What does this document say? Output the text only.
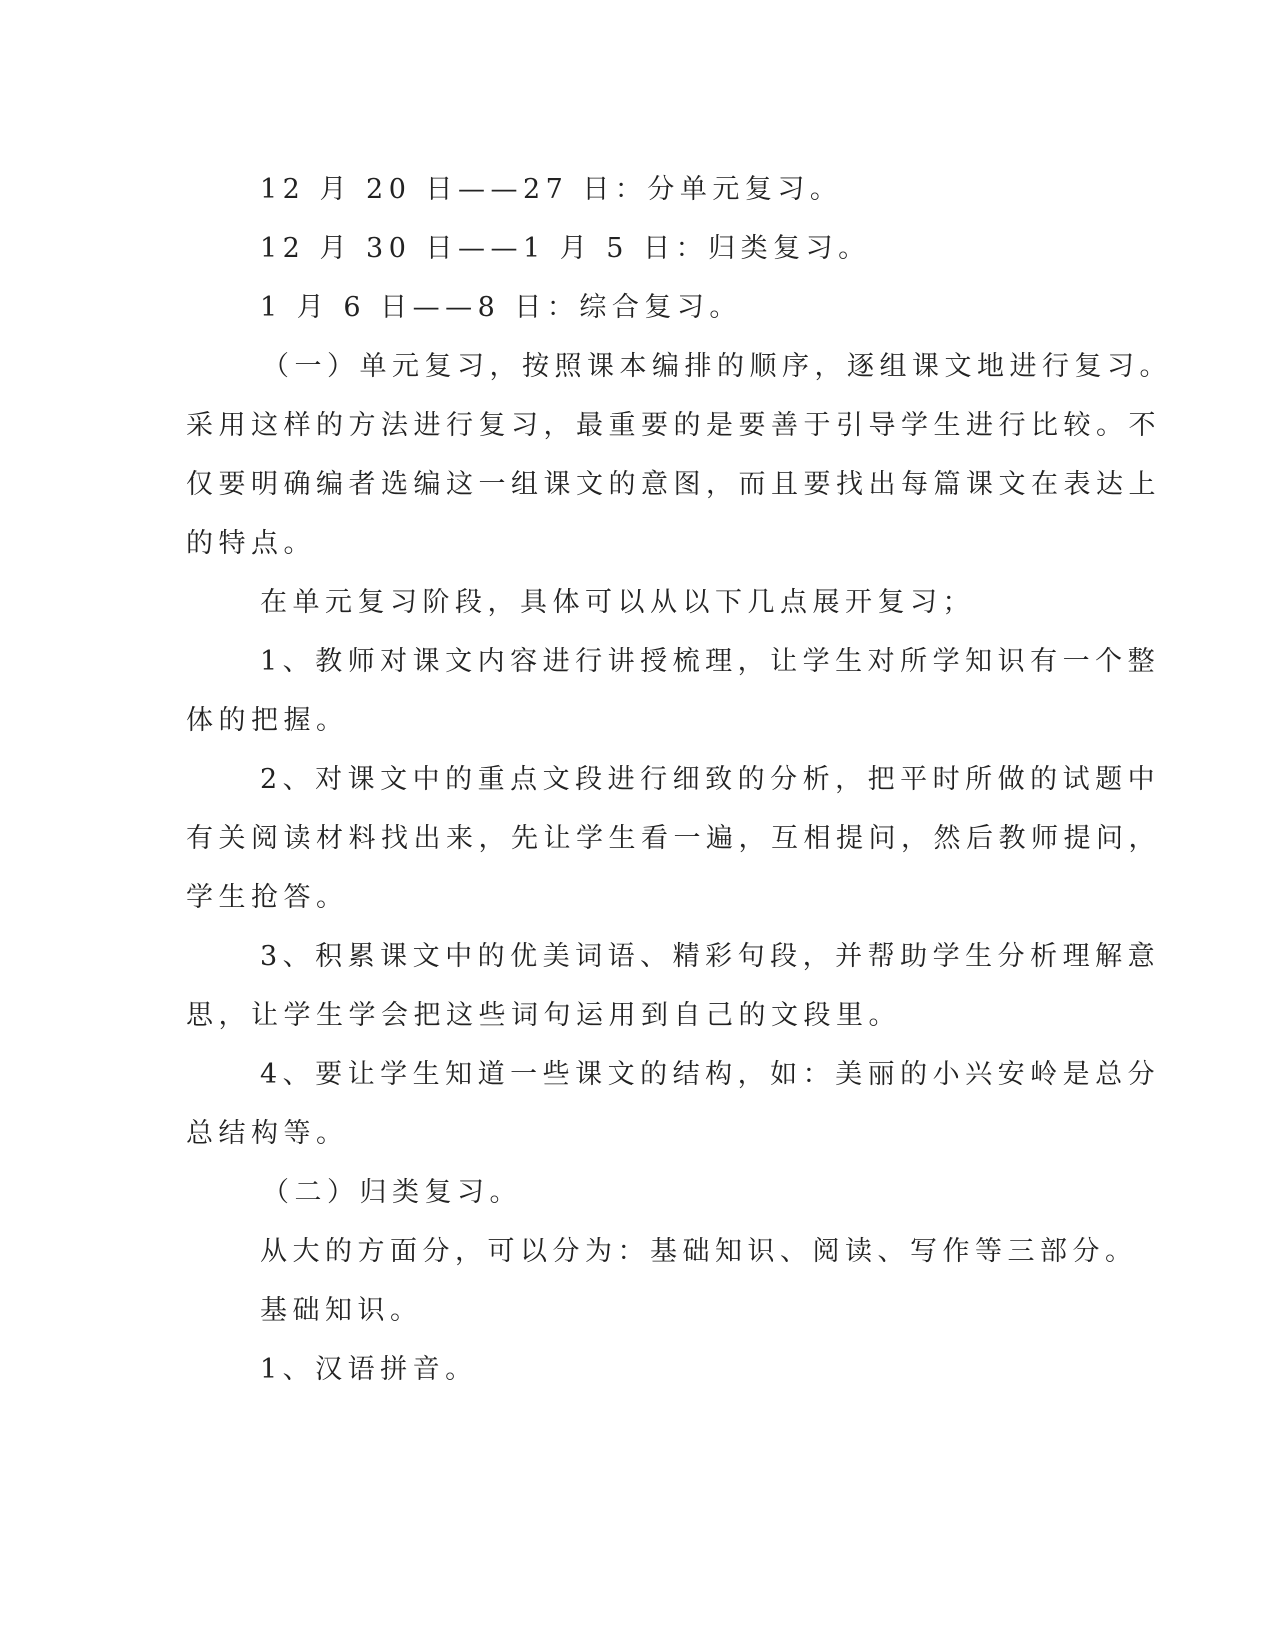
12 月 20 日——27 日：分单元复习。

12 月 30 日——1 月 5 日：归类复习。

1 月 6 日——8 日：综合复习。

（一）单元复习，按照课本编排的顺序，逐组课文地进行复习。

采用这样的方法进行复习，最重要的是要善于引导学生进行比较。不

仅要明确编者选编这一组课文的意图，而且要找出每篇课文在表达上

的特点。

在单元复习阶段，具体可以从以下几点展开复习；

1、教师对课文内容进行讲授梳理，让学生对所学知识有一个整

体的把握。

2、对课文中的重点文段进行细致的分析，把平时所做的试题中

有关阅读材料找出来，先让学生看一遍，互相提问，然后教师提问，

学生抢答。

3、积累课文中的优美词语、精彩句段，并帮助学生分析理解意

思，让学生学会把这些词句运用到自己的文段里。

4、要让学生知道一些课文的结构，如：美丽的小兴安岭是总分

总结构等。

（二）归类复习。

从大的方面分，可以分为：基础知识、阅读、写作等三部分。

基础知识。

1、汉语拼音。
